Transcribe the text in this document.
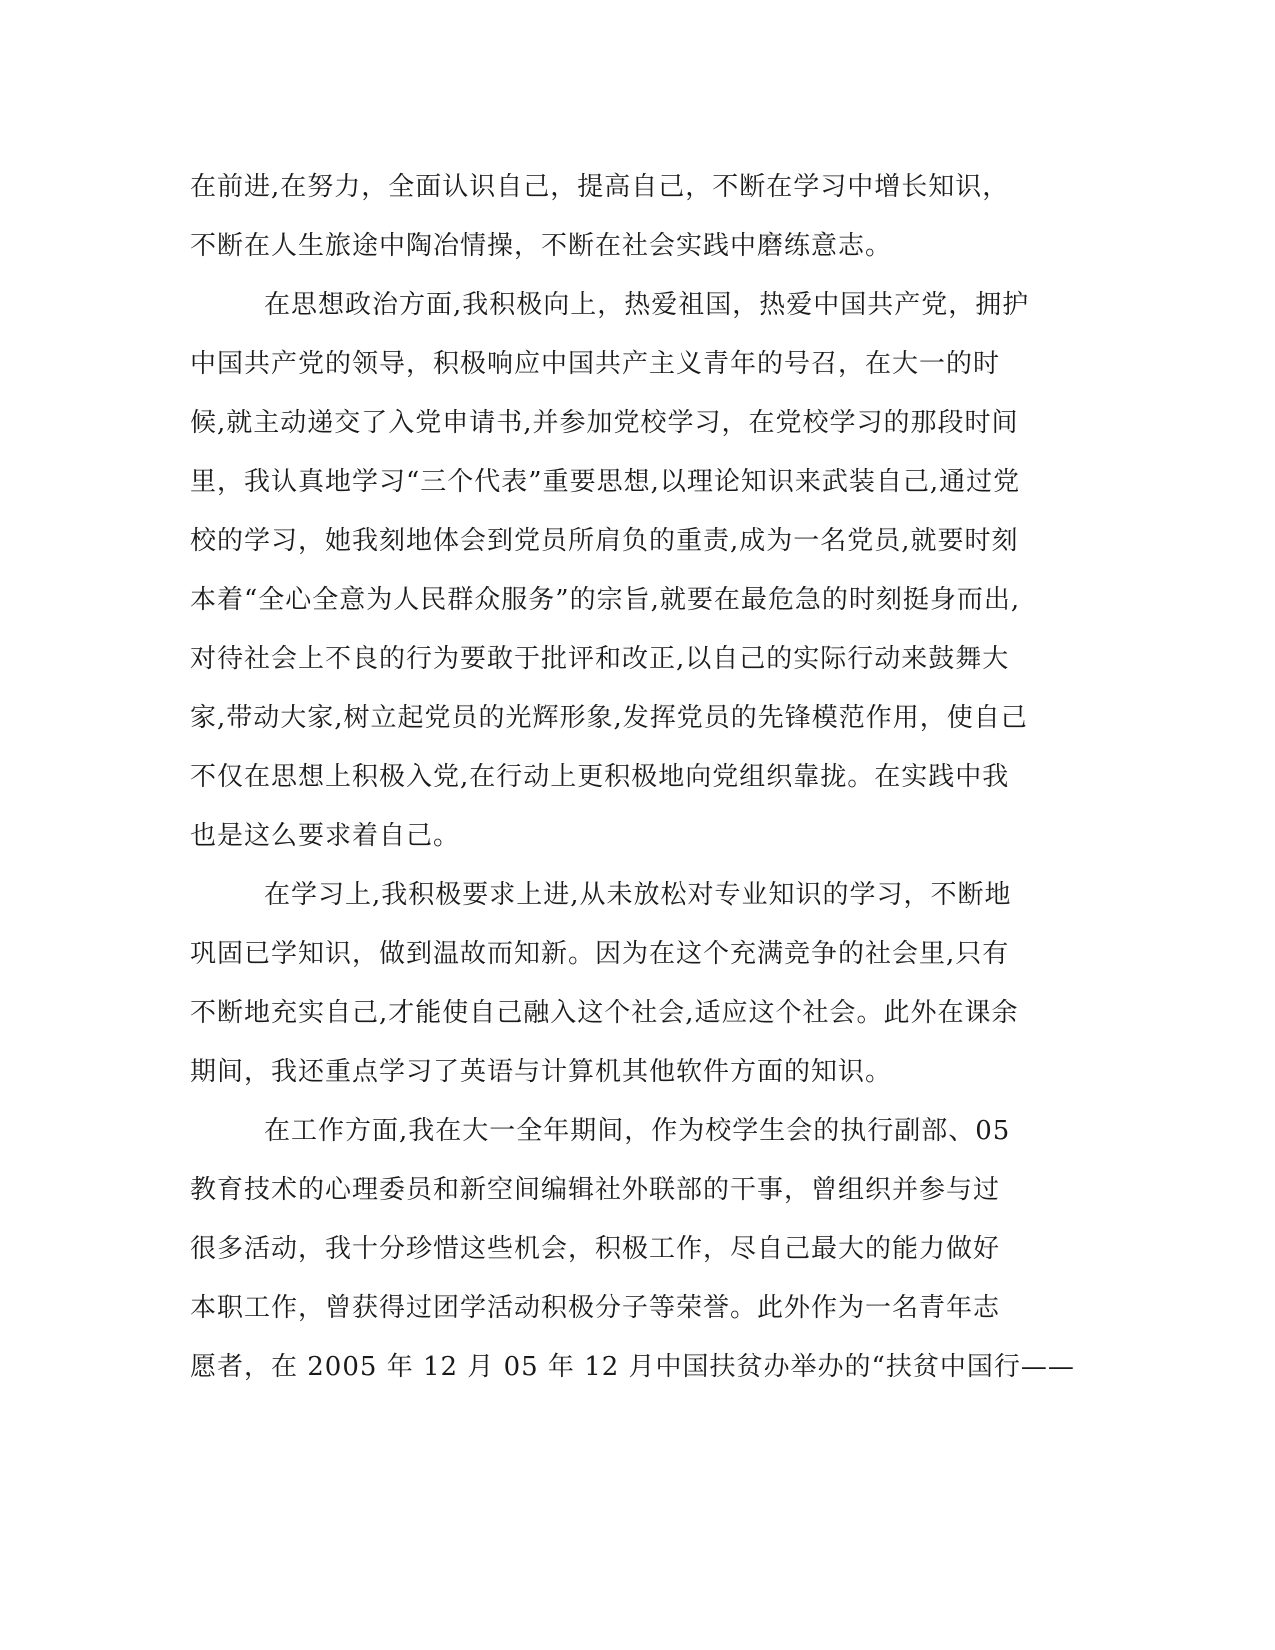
在前进,在努力，全面认识自己，提高自己，不断在学习中增长知识，
不断在人生旅途中陶冶情操，不断在社会实践中磨练意志。
在思想政治方面,我积极向上，热爱祖国，热爱中国共产党，拥护
中国共产党的领导，积极响应中国共产主义青年的号召，在大一的时
候,就主动递交了入党申请书,并参加党校学习，在党校学习的那段时间
里，我认真地学习“三个代表”重要思想,以理论知识来武装自己,通过党
校的学习，她我刻地体会到党员所肩负的重责,成为一名党员,就要时刻
本着“全心全意为人民群众服务”的宗旨,就要在最危急的时刻挺身而出,
对待社会上不良的行为要敢于批评和改正,以自己的实际行动来鼓舞大
家,带动大家,树立起党员的光辉形象,发挥党员的先锋模范作用，使自己
不仅在思想上积极入党,在行动上更积极地向党组织靠拢。在实践中我
也是这么要求着自己。
在学习上,我积极要求上进,从未放松对专业知识的学习，不断地
巩固已学知识，做到温故而知新。因为在这个充满竞争的社会里,只有
不断地充实自己,才能使自己融入这个社会,适应这个社会。此外在课余
期间，我还重点学习了英语与计算机其他软件方面的知识。
在工作方面,我在大一全年期间，作为校学生会的执行副部、05
教育技术的心理委员和新空间编辑社外联部的干事，曾组织并参与过
很多活动，我十分珍惜这些机会，积极工作，尽自己最大的能力做好
本职工作，曾获得过团学活动积极分子等荣誉。此外作为一名青年志
愿者，在 2005 年 12 月 05 年 12 月中国扶贫办举办的“扶贫中国行——
